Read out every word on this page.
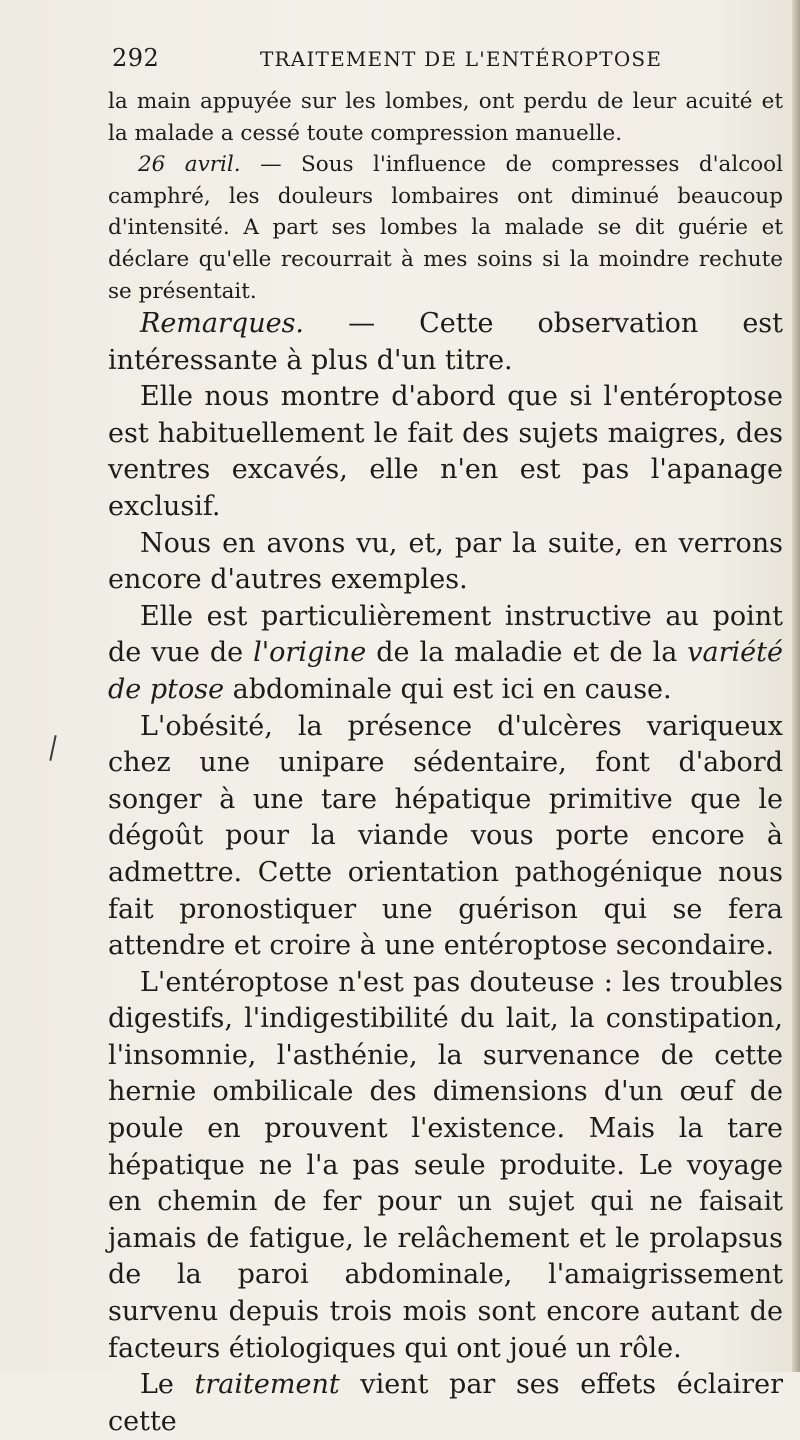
292	TRAITEMENT DE L'ENTÉROPTOSE

la main appuyée sur les lombes, ont perdu de leur acuité et la malade a cessé toute compression manuelle.

26 avril. — Sous l'influence de compresses d'alcool camphré, les douleurs lombaires ont diminué beaucoup d'intensité. A part ses lombes la malade se dit guérie et déclare qu'elle recourrait à mes soins si la moindre rechute se présentait.

Remarques. — Cette observation est intéressante à plus d'un titre.

Elle nous montre d'abord que si l'entéroptose est habituellement le fait des sujets maigres, des ventres excavés, elle n'en est pas l'apanage exclusif.

Nous en avons vu, et, par la suite, en verrons encore d'autres exemples.

Elle est particulièrement instructive au point de vue de l'origine de la maladie et de la variété de ptose abdominale qui est ici en cause.

L'obésité, la présence d'ulcères variqueux chez une unipare sédentaire, font d'abord songer à une tare hépatique primitive que le dégoût pour la viande vous porte encore à admettre. Cette orientation pathogénique nous fait pronostiquer une guérison qui se fera attendre et croire à une entéroptose secondaire.

L'entéroptose n'est pas douteuse : les troubles digestifs, l'indigestibilité du lait, la constipation, l'insomnie, l'asthénie, la survenance de cette hernie ombilicale des dimensions d'un œuf de poule en prouvent l'existence. Mais la tare hépatique ne l'a pas seule produite. Le voyage en chemin de fer pour un sujet qui ne faisait jamais de fatigue, le relâchement et le prolapsus de la paroi abdominale, l'amaigrissement survenu depuis trois mois sont encore autant de facteurs étiologiques qui ont joué un rôle.

Le traitement vient par ses effets éclairer cette
